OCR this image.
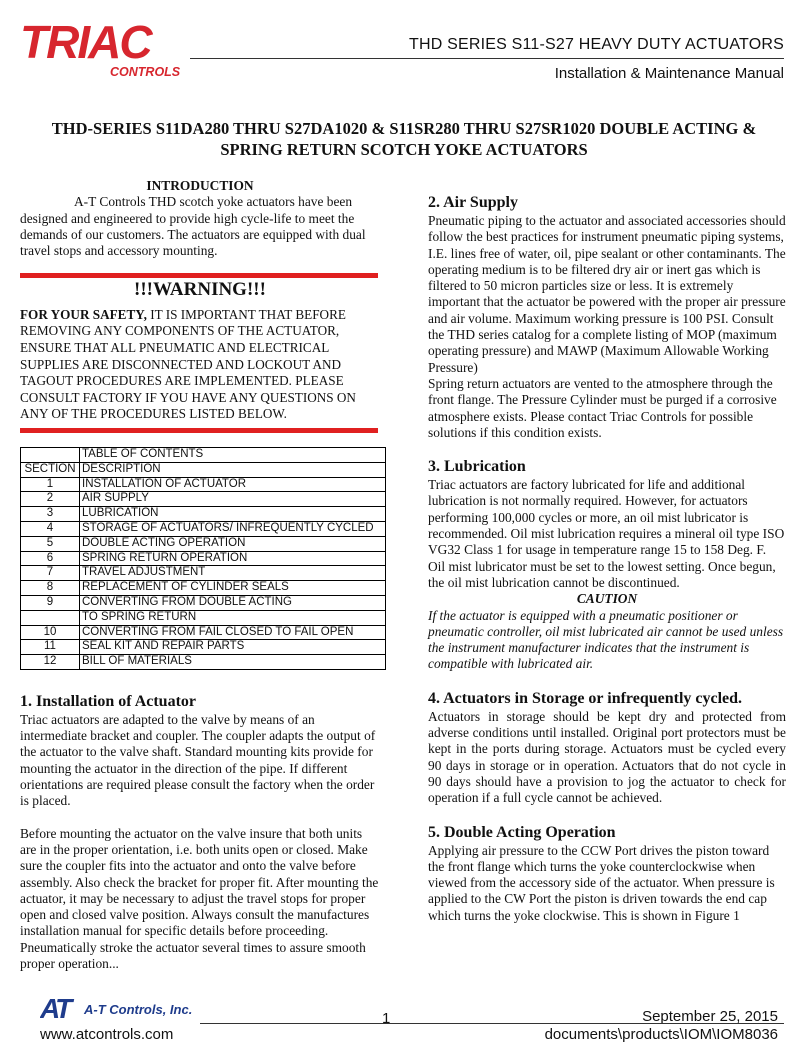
TRIAC
CONTROLS
THD SERIES S11-S27 HEAVY DUTY ACTUATORS
Installation & Maintenance Manual
THD-SERIES S11DA280 THRU S27DA1020 & S11SR280 THRU S27SR1020 DOUBLE ACTING &
SPRING RETURN SCOTCH YOKE ACTUATORS
INTRODUCTION

A-T Controls THD scotch yoke actuators have been designed and engineered to provide high cycle-life to meet the demands of our customers. The actuators are equipped with dual travel stops and accessory mounting.

!!!WARNING!!!

FOR YOUR SAFETY, IT IS IMPORTANT THAT BEFORE REMOVING ANY COMPONENTS OF THE ACTUATOR, ENSURE THAT ALL PNEUMATIC AND ELECTRICAL SUPPLIES ARE DISCONNECTED AND LOCKOUT AND TAGOUT PROCEDURES ARE IMPLEMENTED. PLEASE CONSULT FACTORY IF YOU HAVE ANY QUESTIONS ON ANY OF THE PROCEDURES LISTED BELOW.

	TABLE OF CONTENTS
SECTION	DESCRIPTION
1	INSTALLATION OF ACTUATOR
2	AIR SUPPLY
3	LUBRICATION
4	STORAGE OF ACTUATORS/ INFREQUENTLY CYCLED
5	DOUBLE ACTING OPERATION
6	SPRING RETURN OPERATION
7	TRAVEL ADJUSTMENT
8	REPLACEMENT OF CYLINDER SEALS
9	CONVERTING FROM DOUBLE ACTING
	TO SPRING RETURN
10	CONVERTING FROM FAIL CLOSED TO FAIL OPEN
11	SEAL KIT AND REPAIR PARTS
12	BILL OF MATERIALS
1. Installation of Actuator

Triac actuators are adapted to the valve by means of an intermediate bracket and coupler. The coupler adapts the output of the actuator to the valve shaft. Standard mounting kits provide for mounting the actuator in the direction of the pipe. If different orientations are required please consult the factory when the order is placed.

Before mounting the actuator on the valve insure that both units are in the proper orientation, i.e. both units open or closed. Make sure the coupler fits into the actuator and onto the valve before assembly. Also check the bracket for proper fit. After mounting the actuator, it may be necessary to adjust the travel stops for proper open and closed valve position. Always consult the manufactures installation manual for specific details before proceeding. Pneumatically stroke the actuator several times to assure smooth proper operation...

2. Air Supply

Pneumatic piping to the actuator and associated accessories should follow the best practices for instrument pneumatic piping systems, I.E. lines free of water, oil, pipe sealant or other contaminants. The operating medium is to be filtered dry air or inert gas which is filtered to 50 micron particles size or less. It is extremely important that the actuator be powered with the proper air pressure and air volume. Maximum working pressure is 100 PSI. Consult the THD series catalog for a complete listing of MOP (maximum operating pressure) and MAWP (Maximum Allowable Working Pressure)

Spring return actuators are vented to the atmosphere through the front flange. The Pressure Cylinder must be purged if a corrosive atmosphere exists. Please contact Triac Controls for possible solutions if this condition exists.

3. Lubrication

Triac actuators are factory lubricated for life and additional lubrication is not normally required. However, for actuators performing 100,000 cycles or more, an oil mist lubricator is recommended. Oil mist lubrication requires a mineral oil type ISO VG32 Class 1 for usage in temperature range 15 to 158 Deg. F. Oil mist lubricator must be set to the lowest setting. Once begun, the oil mist lubrication cannot be discontinued.

CAUTION

If the actuator is equipped with a pneumatic positioner or pneumatic controller, oil mist lubricated air cannot be used unless the instrument manufacturer indicates that the instrument is compatible with lubricated air.

4. Actuators in Storage or infrequently cycled.

Actuators in storage should be kept dry and protected from adverse conditions until installed. Original port protectors must be kept in the ports during storage. Actuators must be cycled every 90 days in storage or in operation. Actuators that do not cycle in 90 days should have a provision to jog the actuator to check for operation if a full cycle cannot be achieved.

5. Double Acting Operation

Applying air pressure to the CCW Port drives the piston toward the front flange which turns the yoke counterclockwise when viewed from the accessory side of the actuator. When pressure is applied to the CW Port the piston is driven towards the end cap which turns the yoke clockwise. This is shown in Figure 1

AT	A-T Controls, Inc.
www.atcontrols.com
1	September 25, 2015
documents\products\IOM\IOM8036
